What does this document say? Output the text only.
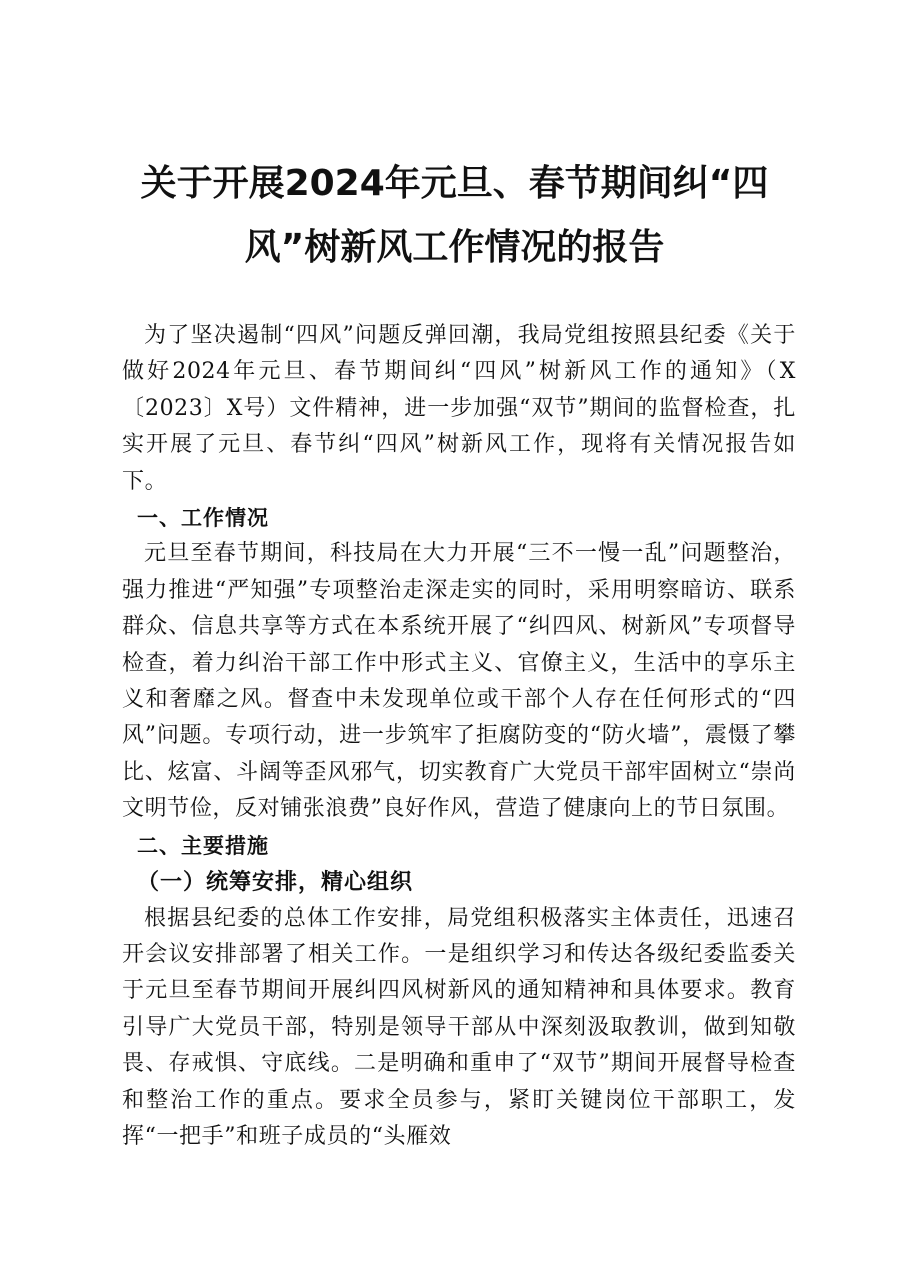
关于开展2024年元旦、春节期间纠“四
风”树新风工作情况的报告

为了坚决遏制“四风”问题反弹回潮，我局党组按照县纪委《关于做好2024年元旦、春节期间纠“四风”树新风工作的通知》（X〔2023〕X号）文件精神，进一步加强“双节”期间的监督检查，扎实开展了元旦、春节纠“四风”树新风工作，现将有关情况报告如下。

一、工作情况

元旦至春节期间，科技局在大力开展“三不一慢一乱”问题整治，强力推进“严知强”专项整治走深走实的同时，采用明察暗访、联系群众、信息共享等方式在本系统开展了“纠四风、树新风”专项督导检查，着力纠治干部工作中形式主义、官僚主义，生活中的享乐主义和奢靡之风。督查中未发现单位或干部个人存在任何形式的“四风”问题。专项行动，进一步筑牢了拒腐防变的“防火墙”，震慑了攀比、炫富、斗阔等歪风邪气，切实教育广大党员干部牢固树立“崇尚文明节俭，反对铺张浪费”良好作风，营造了健康向上的节日氛围。

二、主要措施
（一）统筹安排，精心组织

根据县纪委的总体工作安排，局党组积极落实主体责任，迅速召开会议安排部署了相关工作。一是组织学习和传达各级纪委监委关于元旦至春节期间开展纠四风树新风的通知精神和具体要求。教育引导广大党员干部，特别是领导干部从中深刻汲取教训，做到知敬畏、存戒惧、守底线。二是明确和重申了“双节”期间开展督导检查和整治工作的重点。要求全员参与，紧盯关键岗位干部职工，发挥“一把手”和班子成员的“头雁效
